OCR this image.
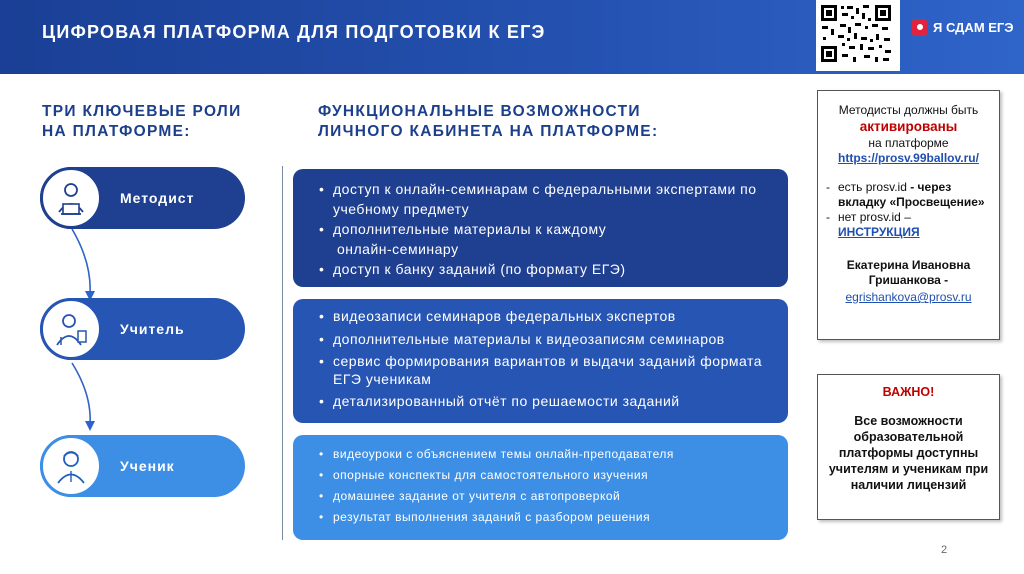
ЦИФРОВАЯ ПЛАТФОРМА ДЛЯ ПОДГОТОВКИ К ЕГЭ	Я СДАМ ЕГЭ
ТРИ КЛЮЧЕВЫЕ РОЛИ
НА ПЛАТФОРМЕ:
ФУНКЦИОНАЛЬНЫЕ ВОЗМОЖНОСТИ
ЛИЧНОГО КАБИНЕТА НА ПЛАТФОРМЕ:
Методист
Учитель
Ученик
• доступ к онлайн-семинарам с федеральными экспертами по учебному предмету
• дополнительные материалы к каждому
онлайн-семинару
• доступ к банку заданий (по формату ЕГЭ)
• видеозаписи семинаров федеральных экспертов
• дополнительные материалы к видеозаписям семинаров
• сервис формирования вариантов и выдачи заданий формата ЕГЭ ученикам
• детализированный отчёт по решаемости заданий
• видеоуроки с объяснением темы онлайн-преподавателя
• опорные конспекты для самостоятельного изучения
• домашнее задание от учителя с автопроверкой
• результат выполнения заданий с разбором решения
Методисты должны быть
активированы
на платформе
https://prosv.99ballov.ru/
- есть prosv.id - через вкладку «Просвещение»
- нет prosv.id –
ИНСТРУКЦИЯ
Екатерина Ивановна Гришанкова -
egrishankova@prosv.ru
ВАЖНО!
Все возможности образовательной платформы доступны учителям и ученикам при наличии лицензий
2
